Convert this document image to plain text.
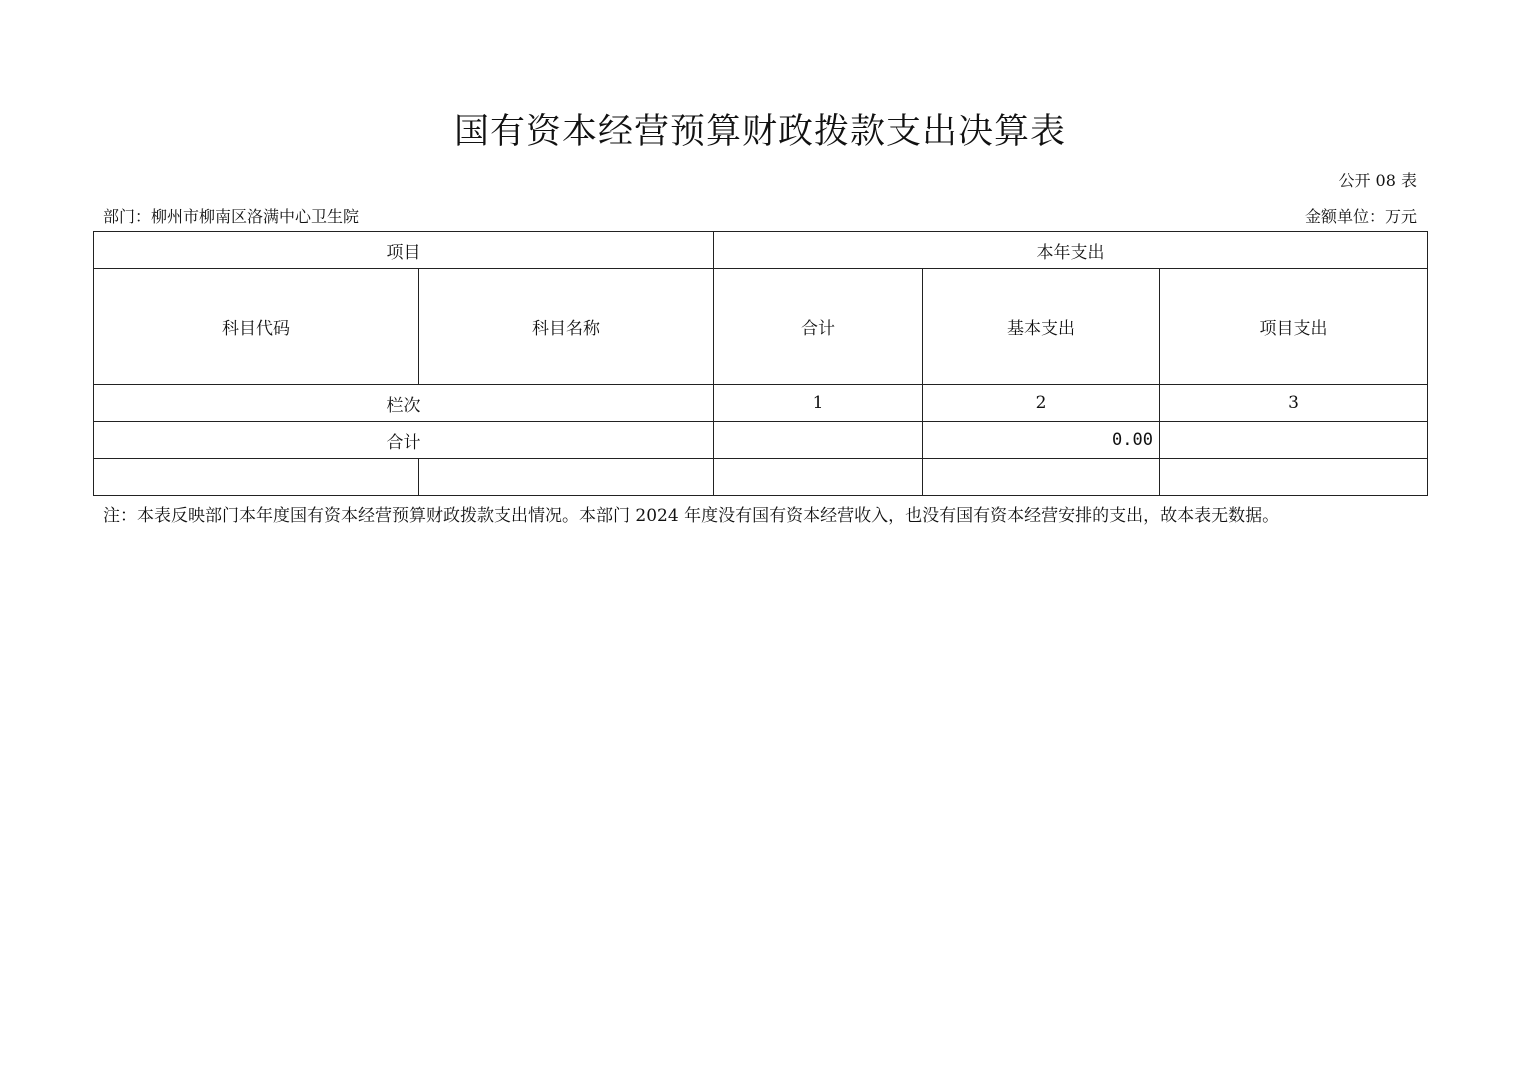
国有资本经营预算财政拨款支出决算表
公开 08 表
部门：柳州市柳南区洛满中心卫生院	金额单位：万元
项目		本年支出		
科目代码	科目名称	合计	基本支出	项目支出
栏次		1	2	3
合计			0.00	

注：本表反映部门本年度国有资本经营预算财政拨款支出情况。本部门 2024 年度没有国有资本经营收入，也没有国有资本经营安排的支出，故本表无数据。
